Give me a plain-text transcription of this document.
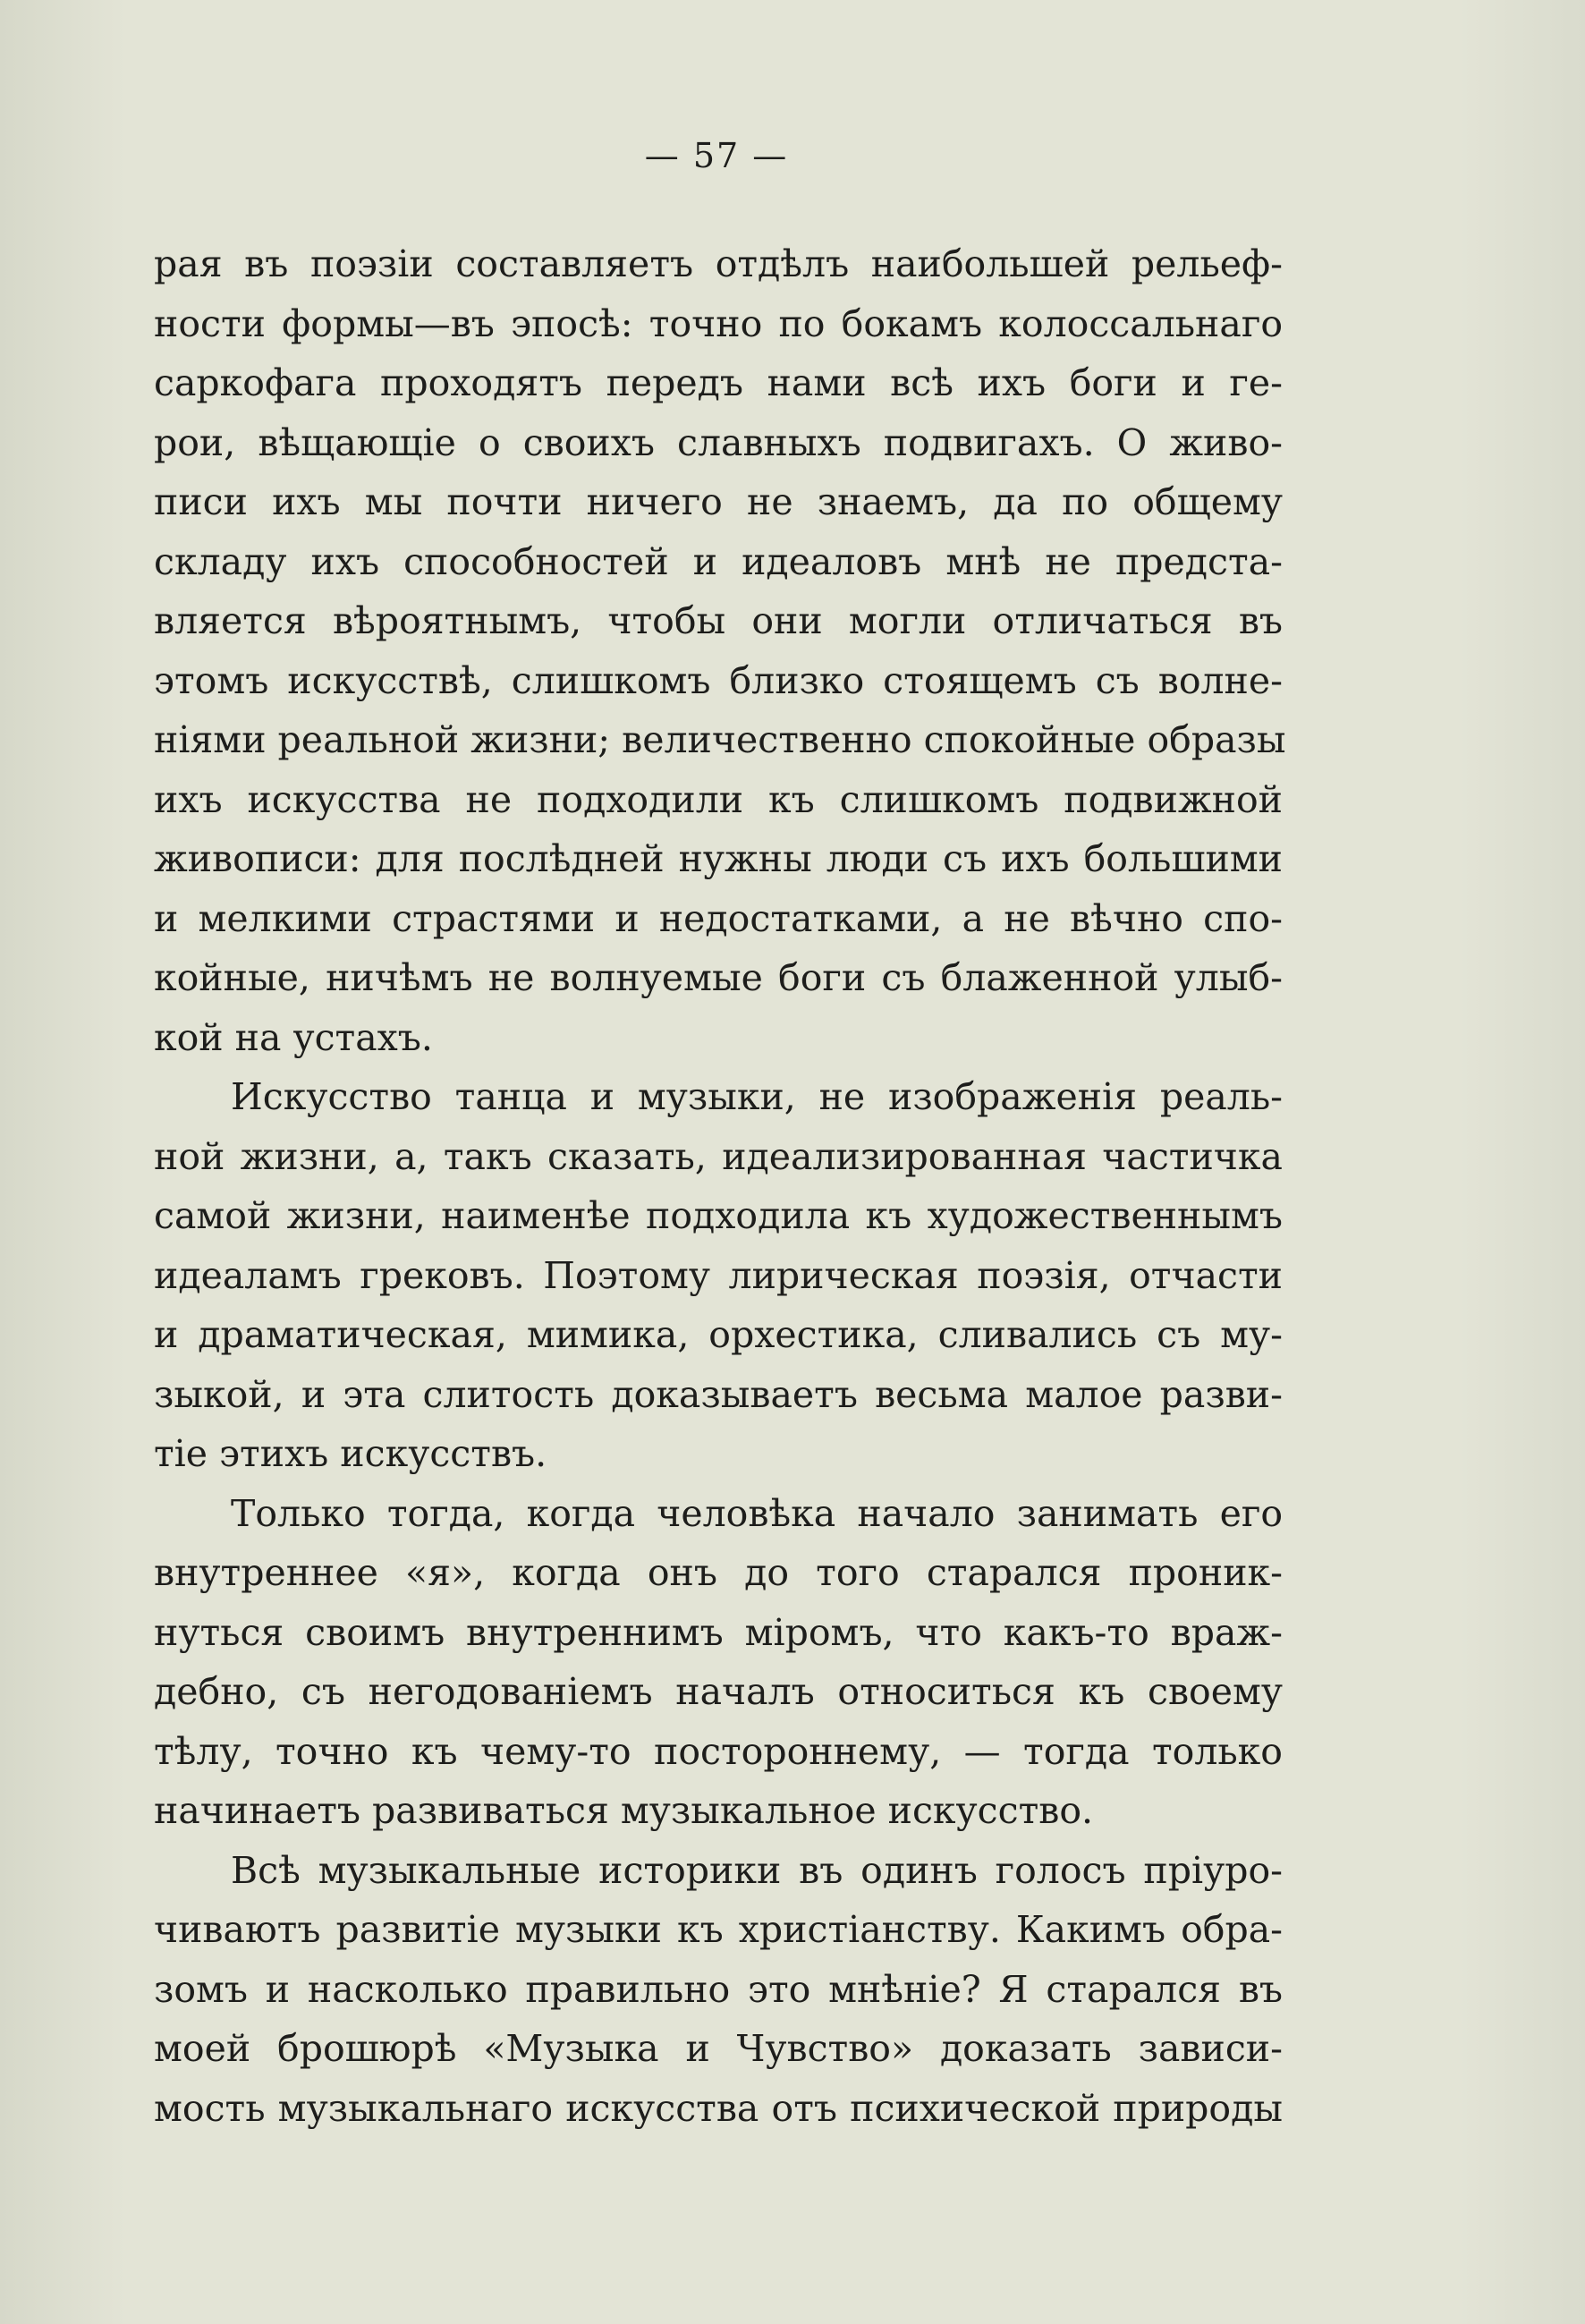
— 57 —
рая въ поэзіи составляетъ отдѣлъ наибольшей рельеф-
ности формы—въ эпосѣ: точно по бокамъ колоссальнаго
саркофага проходятъ передъ нами всѣ ихъ боги и ге-
рои, вѣщающіе о своихъ славныхъ подвигахъ. О живо-
писи ихъ мы почти ничего не знаемъ, да по общему
складу ихъ способностей и идеаловъ мнѣ не предста-
вляется вѣроятнымъ, чтобы они могли отличаться въ
этомъ искусствѣ, слишкомъ близко стоящемъ съ волне-
ніями реальной жизни; величественно спокойные образы
ихъ искусства не подходили къ слишкомъ подвижной
живописи: для послѣдней нужны люди съ ихъ большими
и мелкими страстями и недостатками, а не вѣчно спо-
койные, ничѣмъ не волнуемые боги съ блаженной улыб-
кой на устахъ.
Искусство танца и музыки, не изображенія реаль-
ной жизни, а, такъ сказать, идеализированная частичка
самой жизни, наименѣе подходила къ художественнымъ
идеаламъ грековъ. Поэтому лирическая поэзія, отчасти
и драматическая, мимика, орхестика, сливались съ му-
зыкой, и эта слитость доказываетъ весьма малое разви-
тіе этихъ искусствъ.
Только тогда, когда человѣка начало занимать его
внутреннее «я», когда онъ до того старался проник-
нуться своимъ внутреннимъ міромъ, что какъ-то враж-
дебно, съ негодованіемъ началъ относиться къ своему
тѣлу, точно къ чему-то постороннему, — тогда только
начинаетъ развиваться музыкальное искусство.
Всѣ музыкальные историки въ одинъ голосъ пріуро-
чиваютъ развитіе музыки къ христіанству. Какимъ обра-
зомъ и насколько правильно это мнѣніе? Я старался въ
моей брошюрѣ «Музыка и Чувство» доказать зависи-
мость музыкальнаго искусства отъ психической природы
